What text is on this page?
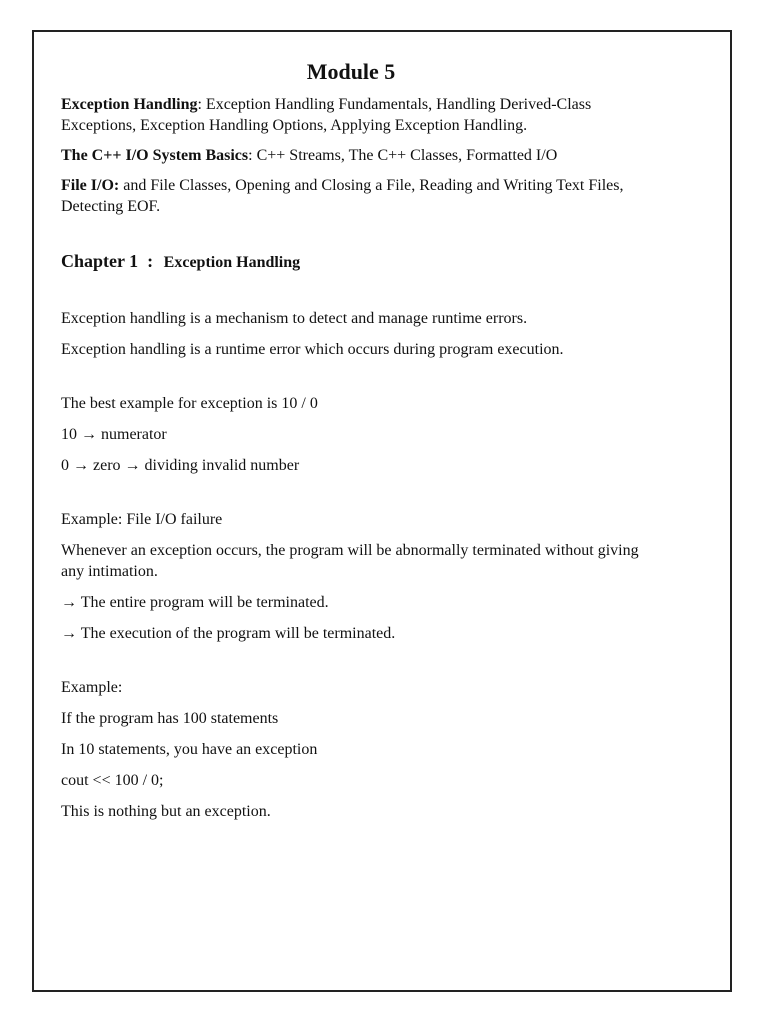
Module 5

Exception Handling: Exception Handling Fundamentals, Handling Derived-Class Exceptions, Exception Handling Options, Applying Exception Handling.

The C++ I/O System Basics: C++ Streams, The C++ Classes, Formatted I/O

File I/O: and File Classes, Opening and Closing a File, Reading and Writing Text Files, Detecting EOF.

Chapter 1  : Exception Handling

Exception handling is a mechanism to detect and manage runtime errors.

Exception handling is a runtime error which occurs during program execution.

The best example for exception is 10 / 0

10 → numerator

0 → zero → dividing invalid number

Example: File I/O failure

Whenever an exception occurs, the program will be abnormally terminated without giving any intimation.

→ The entire program will be terminated.

→ The execution of the program will be terminated.

Example:

If the program has 100 statements

In 10 statements, you have an exception

cout << 100 / 0;

This is nothing but an exception.
